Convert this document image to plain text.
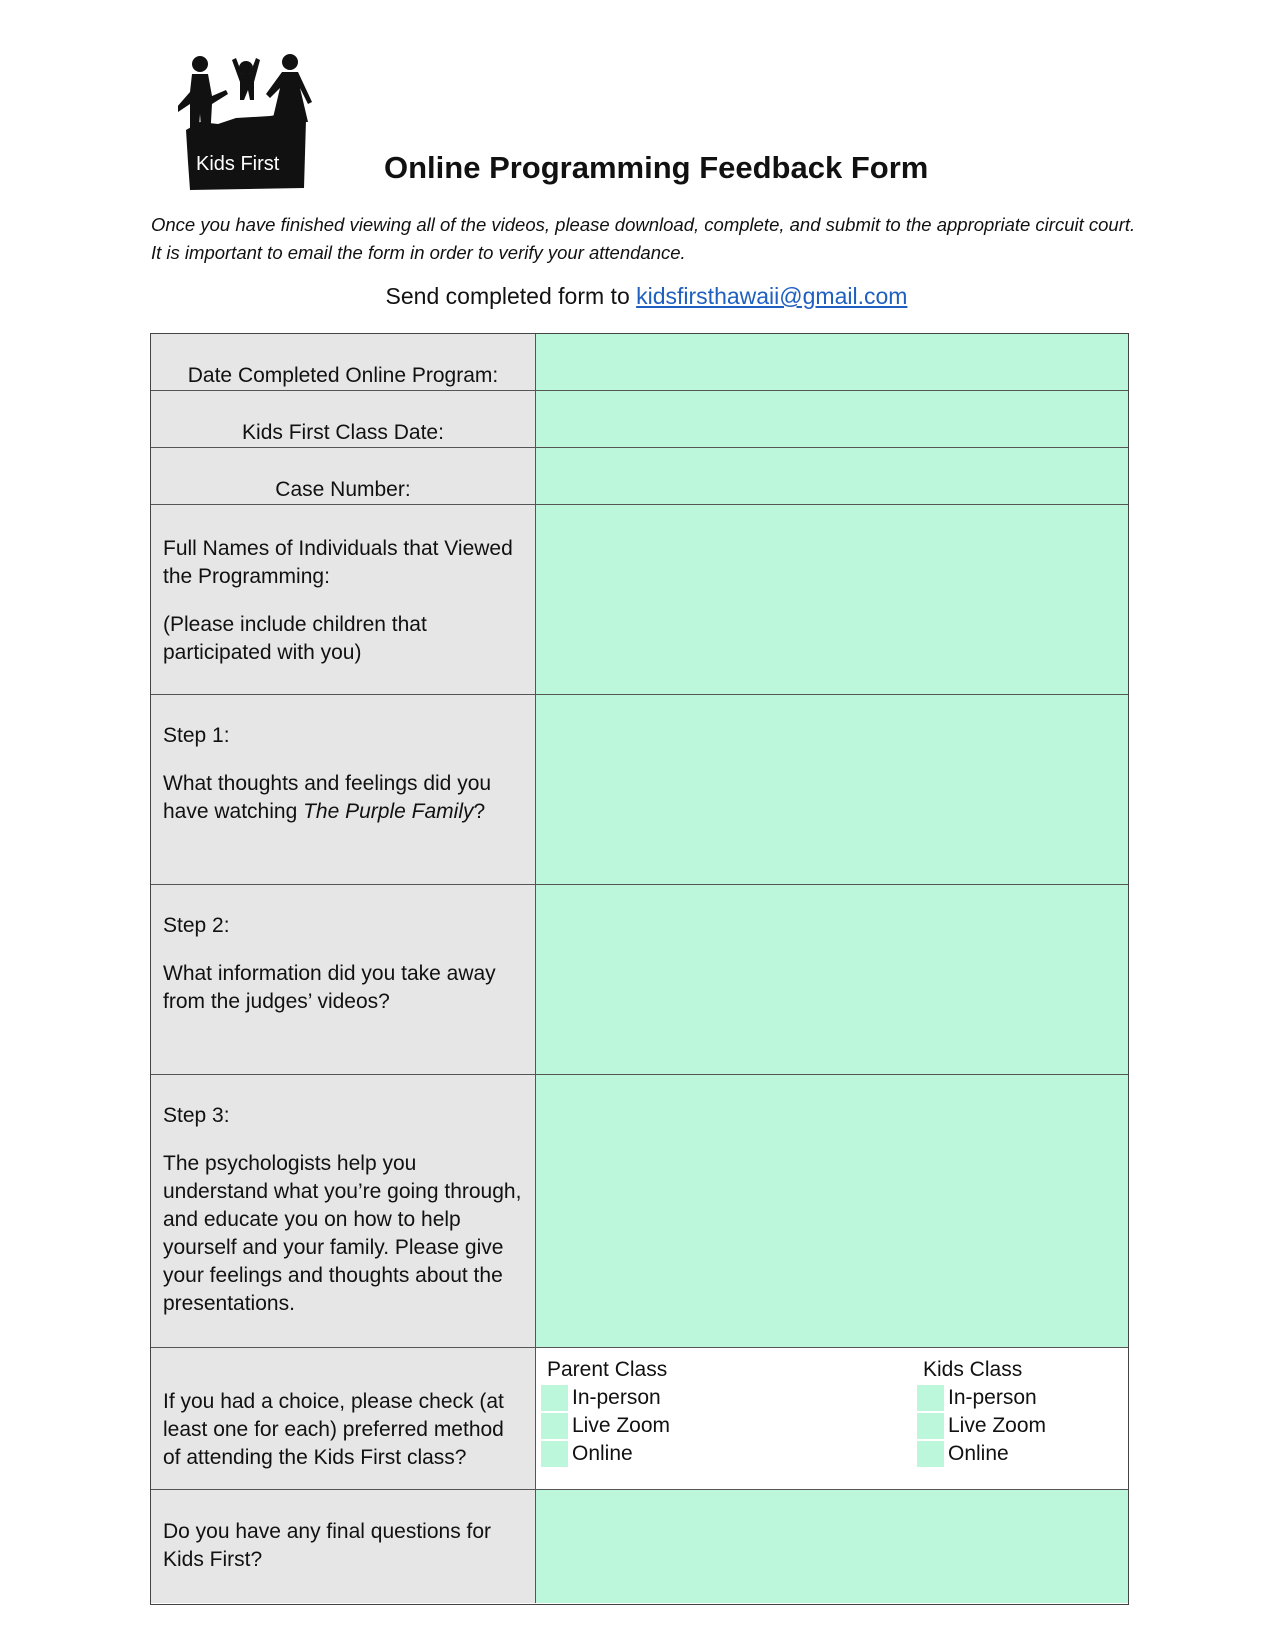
Kids First	Online Programming Feedback Form

Once you have finished viewing all of the videos, please download, complete, and submit to the appropriate circuit court. It is important to email the form in order to verify your attendance.

Send completed form to kidsfirsthawaii@gmail.com
Date Completed Online Program:
Kids First Class Date:
Case Number:

Full Names of Individuals that Viewed the Programming:

(Please include children that participated with you)

Step 1:

What thoughts and feelings did you have watching The Purple Family?

Step 2:

What information did you take away from the judges’ videos?

Step 3:

The psychologists help you understand what you’re going through, and educate you on how to help yourself and your family. Please give your feelings and thoughts about the presentations.

If you had a choice, please check (at least one for each) preferred method of attending the Kids First class?

Parent Class
In-person
Live Zoom
Online
Kids Class
In-person
Live Zoom
Online

Do you have any final questions for Kids First?
